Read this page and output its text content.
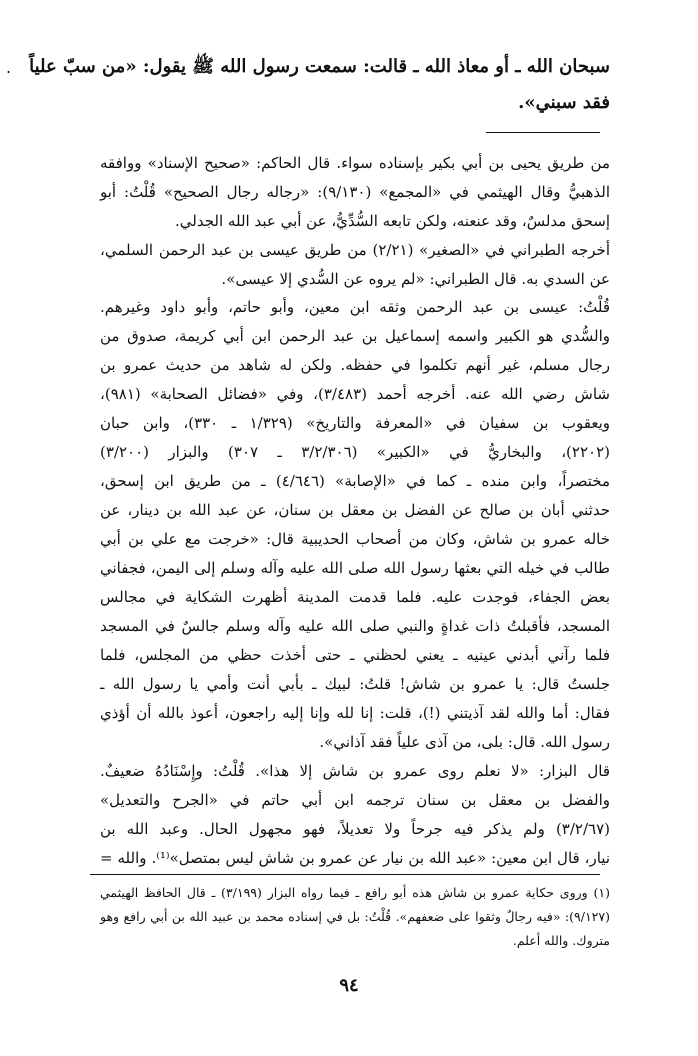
. سبحان الله ـ أو معاذ الله ـ قالت: سمعت رسول الله ﷺ يقول: «من سبّ علياً
فقد سبني».
من طريق يحيى بن أبي بكير بإسناده سواء. قال الحاكم: «صحيح الإسناد» ووافقه
الذهبيُّ وقال الهيثمي في «المجمع» (٩/١٣٠): «رجاله رجال الصحيح» قُلْتُ: أبو
إسحق مدلسٌ، وقد عنعنه، ولكن تابعه السُّدِّيُّ، عن أبي عبد الله الجدلي.
أخرجه الطبراني في «الصغير» (٢/٢١) من طريق عيسى بن عبد الرحمن السلمي،
عن السدي به. قال الطبراني: «لم يروه عن السُّدي إلا عيسى».
قُلْتُ: عيسى بن عبد الرحمن وثقه ابن معين، وأبو حاتم، وأبو داود وغيرهم.
والسُّدي هو الكبير واسمه إسماعيل بن عبد الرحمن ابن أبي كريمة، صدوق من
رجال مسلم، غير أنهم تكلموا في حفظه. ولكن له شاهد من حديث عمرو بن
شاش رضي الله عنه. أخرجه أحمد (٣/٤٨٣)، وفي «فضائل الصحابة» (٩٨١)،
ويعقوب بن سفيان في «المعرفة والتاريخ» (١/٣٢٩ ـ ٣٣٠)، وابن حبان
(٢٢٠٢)، والبخاريُّ في «الكبير» (٣/٢/٣٠٦ ـ ٣٠٧) والبزار (٣/٢٠٠)
مختصراً، وابن منده ـ كما في «الإصابة» (٤/٦٤٦) ـ من طريق ابن إسحق،
حدثني أبان بن صالح عن الفضل بن معقل بن سنان، عن عبد الله بن دينار، عن
خاله عمرو بن شاش، وكان من أصحاب الحديبية قال: «خرجت مع علي بن أبي
طالب في خيله التي بعثها رسول الله صلى الله عليه وآله وسلم إلى اليمن، فجفاني
بعض الجفاء، فوجدت عليه. فلما قدمت المدينة أظهرت الشكاية في مجالس
المسجد، فأقبلتُ ذات غداةٍ والنبي صلى الله عليه وآله وسلم جالسٌ في المسجد
فلما رآني أبدني عينيه ـ يعني لحظني ـ حتى أخذت حظي من المجلس، فلما
جلستُ قال: يا عمرو بن شاش! قلتُ: لبيك ـ بأبي أنت وأمي يا رسول الله ـ
فقال: أما والله لقد آذيتني (!)، قلت: إنا لله وإنا إليه راجعون، أعوذ بالله أن أؤذي
رسول الله. قال: بلى، من آذى علياً فقد آذاني».
قال البزار: «لا نعلم روى عمرو بن شاش إلا هذا». قُلْتُ: وإِسْنَادُهُ ضعيفٌ.
والفضل بن معقل بن سنان ترجمه ابن أبي حاتم في «الجرح والتعديل»
(٣/٢/٦٧) ولم يذكر فيه جرحاً ولا تعديلاً، فهو مجهول الحال. وعبد الله بن
نيار، قال ابن معين: «عبد الله بن نيار عن عمرو بن شاش ليس بمتصل»⁽¹⁾. والله =
(١) وروى حكاية عمرو بن شاش هذه أبو رافع ـ فيما رواه البزار (٣/١٩٩) ـ قال الحافظ الهيثمي
(٩/١٢٧): «فيه رجالٌ وثقوا على ضعفهم». قُلْتُ: بل في إسناده محمد بن عبيد الله بن أبي رافع وهو
متروك. والله أعلم.
٩٤
